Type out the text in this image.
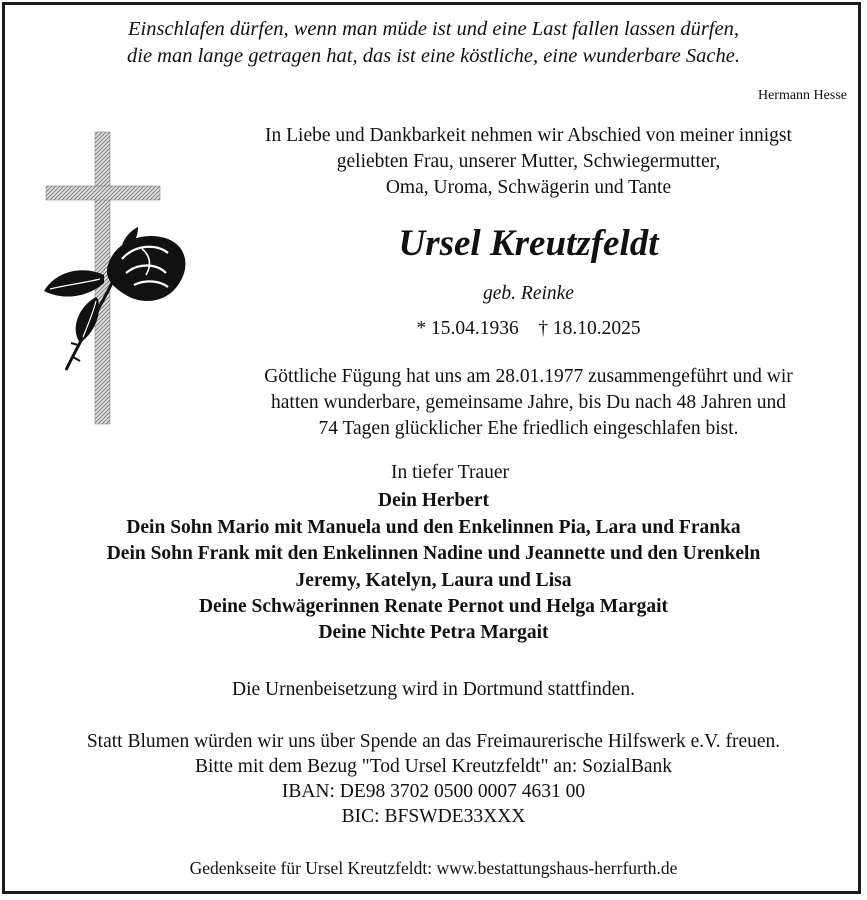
Einschlafen dürfen, wenn man müde ist und eine Last fallen lassen dürfen,
die man lange getragen hat, das ist eine köstliche, eine wunderbare Sache.
Hermann Hesse
In Liebe und Dankbarkeit nehmen wir Abschied von meiner innigst
geliebten Frau, unserer Mutter, Schwiegermutter,
Oma, Uroma, Schwägerin und Tante
Ursel Kreutzfeldt
geb. Reinke
* 15.04.1936    † 18.10.2025
Göttliche Fügung hat uns am 28.01.1977 zusammengeführt und wir
hatten wunderbare, gemeinsame Jahre, bis Du nach 48 Jahren und
74 Tagen glücklicher Ehe friedlich eingeschlafen bist.
In tiefer Trauer
Dein Herbert
Dein Sohn Mario mit Manuela und den Enkelinnen Pia, Lara und Franka
Dein Sohn Frank mit den Enkelinnen Nadine und Jeannette und den Urenkeln
Jeremy, Katelyn, Laura und Lisa
Deine Schwägerinnen Renate Pernot und Helga Margait
Deine Nichte Petra Margait
Die Urnenbeisetzung wird in Dortmund stattfinden.
Statt Blumen würden wir uns über Spende an das Freimaurerische Hilfswerk e.V. freuen.
Bitte mit dem Bezug "Tod Ursel Kreutzfeldt" an: SozialBank
IBAN: DE98 3702 0500 0007 4631 00
BIC: BFSWDE33XXX
Gedenkseite für Ursel Kreutzfeldt: www.bestattungshaus-herrfurth.de
